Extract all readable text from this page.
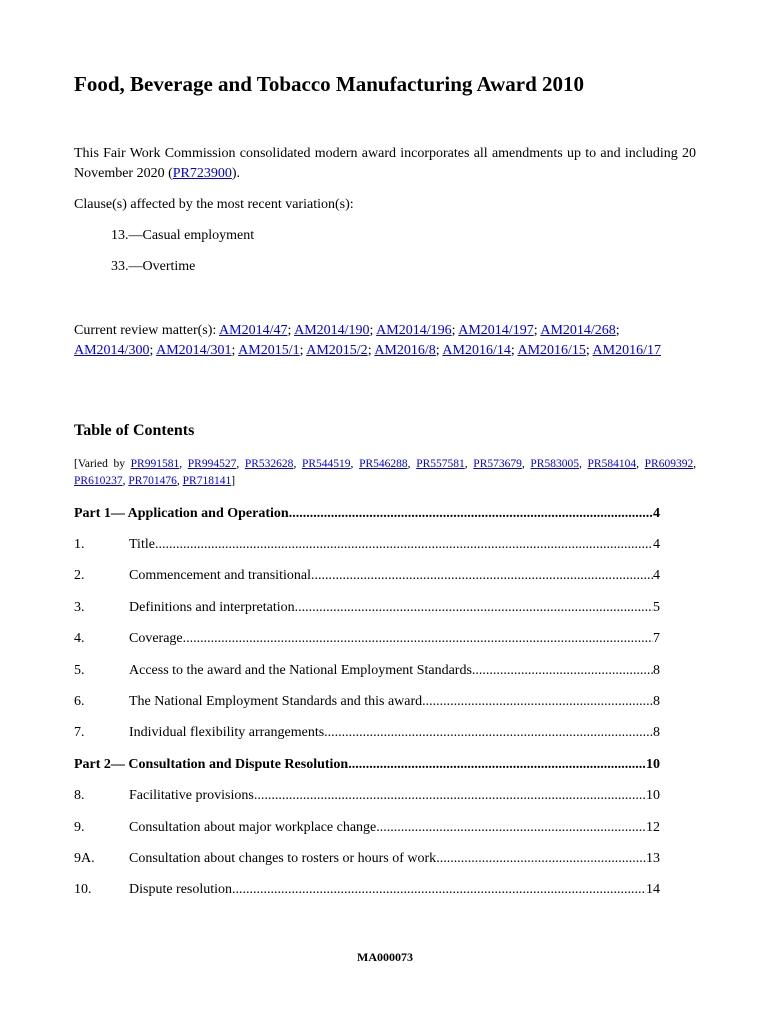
Food, Beverage and Tobacco Manufacturing Award 2010

This Fair Work Commission consolidated modern award incorporates all amendments up to and including 20 November 2020 (PR723900).

Clause(s) affected by the most recent variation(s):

13.—Casual employment
33.—Overtime

Current review matter(s): AM2014/47; AM2014/190; AM2014/196; AM2014/197; AM2014/268; AM2014/300; AM2014/301; AM2015/1; AM2015/2; AM2016/8; AM2016/14; AM2016/15; AM2016/17

Table of Contents
[Varied by PR991581, PR994527, PR532628, PR544519, PR546288, PR557581, PR573679, PR583005, PR584104, PR609392, PR610237, PR701476, PR718141]
Part 1— Application and Operation .....	4
1.	Title .....	4
2.	Commencement and transitional .....	4
3.	Definitions and interpretation .....	5
4.	Coverage .....	7
5.	Access to the award and the National Employment Standards .....	8
6.	The National Employment Standards and this award .....	8
7.	Individual flexibility arrangements .....	8
Part 2— Consultation and Dispute Resolution .....	10
8.	Facilitative provisions .....	10
9.	Consultation about major workplace change .....	12
9A.	Consultation about changes to rosters or hours of work .....	13
10.	Dispute resolution .....	14
MA000073
